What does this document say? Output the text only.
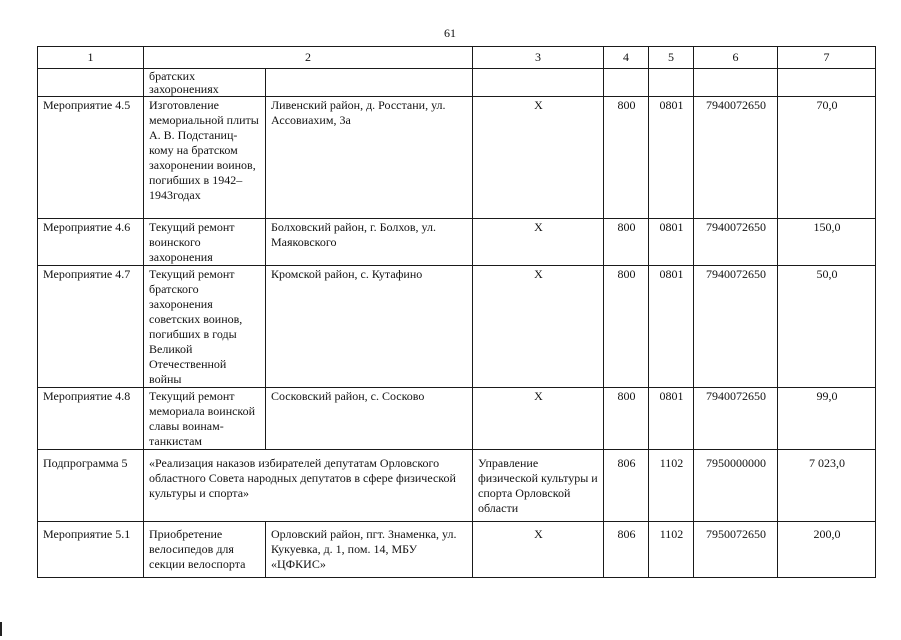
61
1	2		3	4	5	6	7
	братских захоронениях						
Мероприятие 4.5	Изготовление мемориальной плиты А. В. Подстаниц-кому на братском захоронении воинов, погибших в 1942–1943годах	Ливенский район, д. Росстани, ул. Ассовиахим, 3а	Х	800	0801	7940072650	70,0
Мероприятие 4.6	Текущий ремонт воинского захоронения	Болховский район, г. Болхов, ул. Маяковского	Х	800	0801	7940072650	150,0
Мероприятие 4.7	Текущий ремонт братского захоронения советских воинов, погибших в годы Великой Отечественной войны	Кромской район, с. Кутафино	Х	800	0801	7940072650	50,0
Мероприятие 4.8	Текущий ремонт мемориала воинской славы воинам-танкистам	Сосковский район, с. Сосково	Х	800	0801	7940072650	99,0
Подпрограмма 5	«Реализация наказов избирателей депутатам Орловского областного Совета народных депутатов в сфере физической культуры и спорта»		Управление физической культуры и спорта Орловской области	806	1102	7950000000	7 023,0
Мероприятие 5.1	Приобретение велосипедов для секции велоспорта	Орловский район, пгт. Знаменка, ул. Кукуевка, д. 1, пом. 14, МБУ «ЦФКИС»	Х	806	1102	7950072650	200,0
